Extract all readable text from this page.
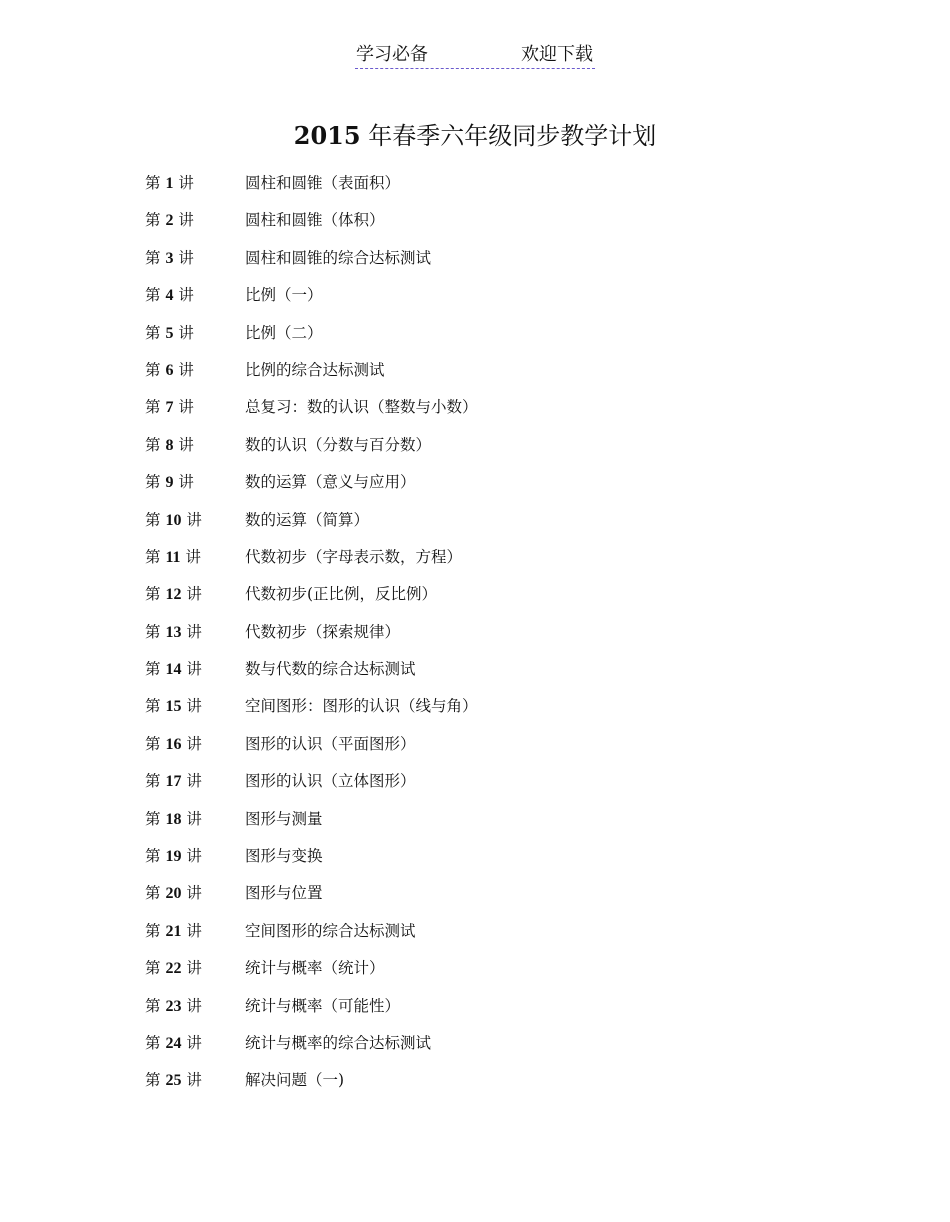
学习必备	欢迎下载
2015 年春季六年级同步教学计划
第 1 讲	圆柱和圆锥（表面积）
第 2 讲	圆柱和圆锥（体积）
第 3 讲	圆柱和圆锥的综合达标测试
第 4 讲	比例（一）
第 5 讲	比例（二）
第 6 讲	比例的综合达标测试
第 7 讲	总复习：数的认识（整数与小数）
第 8 讲	数的认识（分数与百分数）
第 9 讲	数的运算（意义与应用）
第 10 讲	数的运算（简算）
第 11 讲	代数初步（字母表示数，方程）
第 12 讲	代数初步(正比例，反比例）
第 13 讲	代数初步（探索规律）
第 14 讲	数与代数的综合达标测试
第 15 讲	空间图形：图形的认识（线与角）
第 16 讲	图形的认识（平面图形）
第 17 讲	图形的认识（立体图形）
第 18 讲	图形与测量
第 19 讲	图形与变换
第 20 讲	图形与位置
第 21 讲	空间图形的综合达标测试
第 22 讲	统计与概率（统计）
第 23 讲	统计与概率（可能性）
第 24 讲	统计与概率的综合达标测试
第 25 讲	解决问题（一)
